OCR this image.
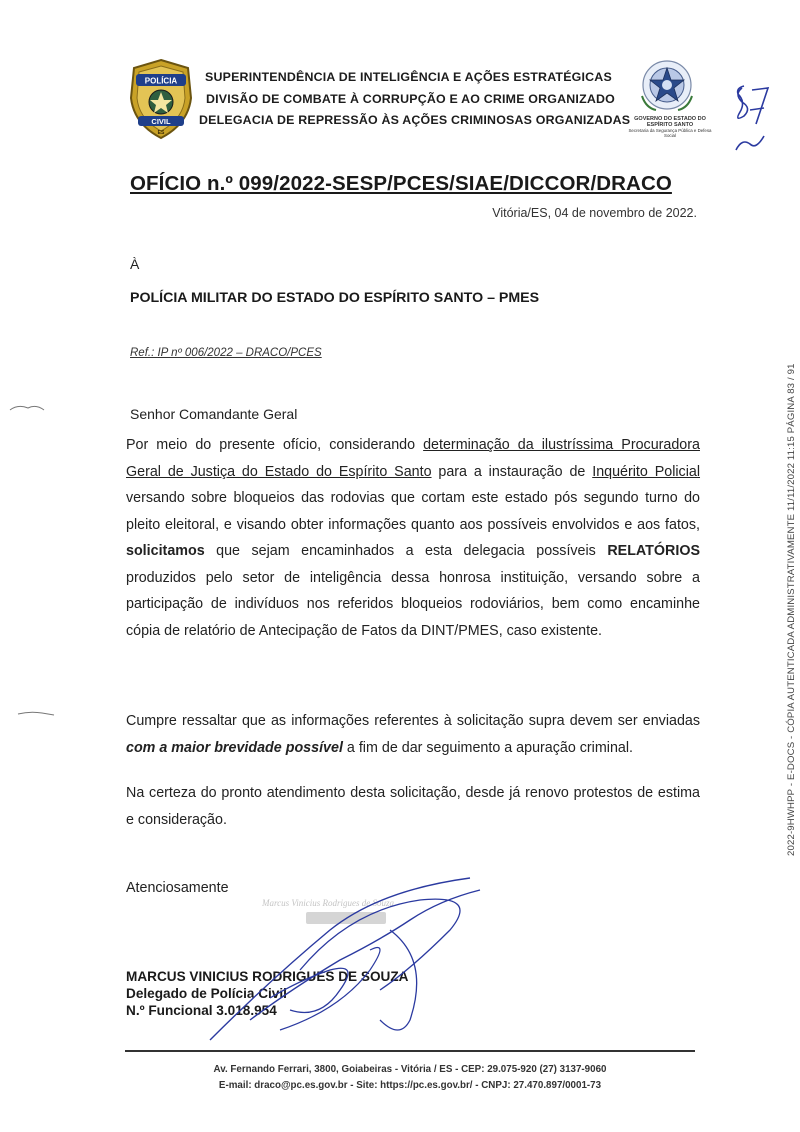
POLÍCIA
CIVIL
ES
SUPERINTENDÊNCIA DE INTELIGÊNCIA E AÇÕES ESTRATÉGICAS
DIVISÃO DE COMBATE À CORRUPÇÃO E AO CRIME ORGANIZADO
DELEGACIA DE REPRESSÃO ÀS AÇÕES CRIMINOSAS ORGANIZADAS GOVERNO DO ESTADO DO ESPÍRITO SANTO
Secretaria da Segurança Pública e Defesa Social
OFÍCIO n.º 099/2022-SESP/PCES/SIAE/DICCOR/DRACO
Vitória/ES, 04 de novembro de 2022.
À
POLÍCIA MILITAR DO ESTADO DO ESPÍRITO SANTO – PMES
Ref.: IP nº 006/2022 – DRACO/PCES
Senhor Comandante Geral
Por meio do presente ofício, considerando determinação da ilustríssima Procuradora Geral de Justiça do Estado do Espírito Santo para a instauração de Inquérito Policial versando sobre bloqueios das rodovias que cortam este estado pós segundo turno do pleito eleitoral, e visando obter informações quanto aos possíveis envolvidos e aos fatos, solicitamos que sejam encaminhados a esta delegacia possíveis RELATÓRIOS produzidos pelo setor de inteligência dessa honrosa instituição, versando sobre a participação de indivíduos nos referidos bloqueios rodoviários, bem como encaminhe cópia de relatório de Antecipação de Fatos da DINT/PMES, caso existente.
Cumpre ressaltar que as informações referentes à solicitação supra devem ser enviadas com a maior brevidade possível a fim de dar seguimento a apuração criminal.
Na certeza do pronto atendimento desta solicitação, desde já renovo protestos de estima e consideração.
Atenciosamente
Marcus Vinicius Rodrigues de Souza
MARCUS VINICIUS RODRIGUES DE SOUZA
Delegado de Polícia Civil
N.º Funcional 3.018.954
Av. Fernando Ferrari, 3800, Goiabeiras - Vitória / ES - CEP: 29.075-920 (27) 3137-9060
E-mail: draco@pc.es.gov.br - Site: https://pc.es.gov.br/ - CNPJ: 27.470.897/0001-73
2022-9HWHPP - E-DOCS - CÓPIA AUTENTICADA ADMINISTRATIVAMENTE 11/11/2022 11:15 PÁGINA 83 / 91
